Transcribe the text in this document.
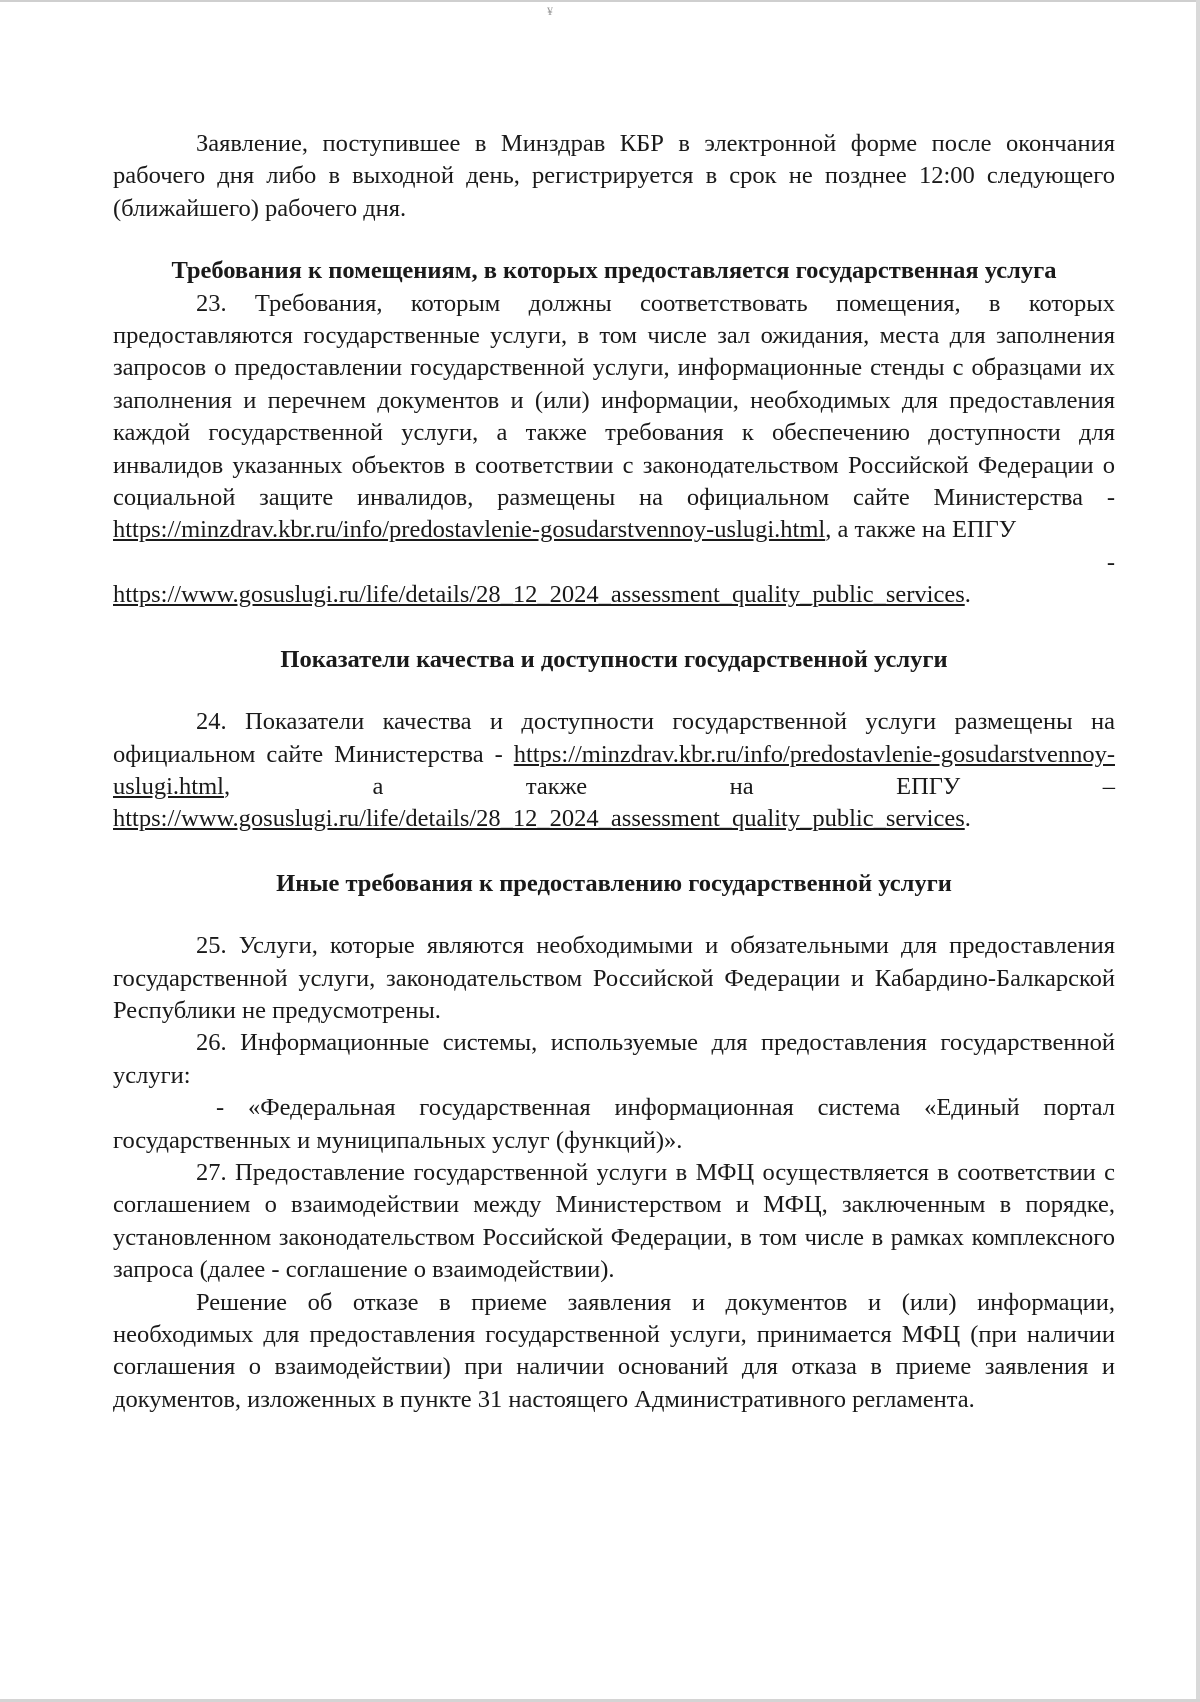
¥

Заявление, поступившее в Минздрав КБР в электронной форме после окончания рабочего дня либо в выходной день, регистрируется в срок не позднее 12:00 следующего (ближайшего) рабочего дня.

Требования к помещениям, в которых предоставляется государственная услуга

23. Требования, которым должны соответствовать помещения, в которых предоставляются государственные услуги, в том числе зал ожидания, места для заполнения запросов о предоставлении государственной услуги, информационные стенды с образцами их заполнения и перечнем документов и (или) информации, необходимых для предоставления каждой государственной услуги, а также требования к обеспечению доступности для инвалидов указанных объектов в соответствии с законодательством Российской Федерации о социальной защите инвалидов, размещены на официальном сайте Министерства - https://minzdrav.kbr.ru/info/predostavlenie-gosudarstvennoy-uslugi.html, а также на ЕПГУ

-

https://www.gosuslugi.ru/life/details/28_12_2024_assessment_quality_public_services.

Показатели качества и доступности государственной услуги

24. Показатели качества и доступности государственной услуги размещены на официальном сайте Министерства - https://minzdrav.kbr.ru/info/predostavlenie-gosudarstvennoy-uslugi.html, а также на ЕПГУ – https://www.gosuslugi.ru/life/details/28_12_2024_assessment_quality_public_services.

Иные требования к предоставлению государственной услуги

25. Услуги, которые являются необходимыми и обязательными для предоставления государственной услуги, законодательством Российской Федерации и Кабардино-Балкарской Республики не предусмотрены.

26. Информационные системы, используемые для предоставления государственной услуги:

- «Федеральная государственная информационная система «Единый портал государственных и муниципальных услуг (функций)».

27. Предоставление государственной услуги в МФЦ осуществляется в соответствии с соглашением о взаимодействии между Министерством и МФЦ, заключенным в порядке, установленном законодательством Российской Федерации, в том числе в рамках комплексного запроса (далее - соглашение о взаимодействии).

Решение об отказе в приеме заявления и документов и (или) информации, необходимых для предоставления государственной услуги, принимается МФЦ (при наличии соглашения о взаимодействии) при наличии оснований для отказа в приеме заявления и документов, изложенных в пункте 31 настоящего Административного регламента.
